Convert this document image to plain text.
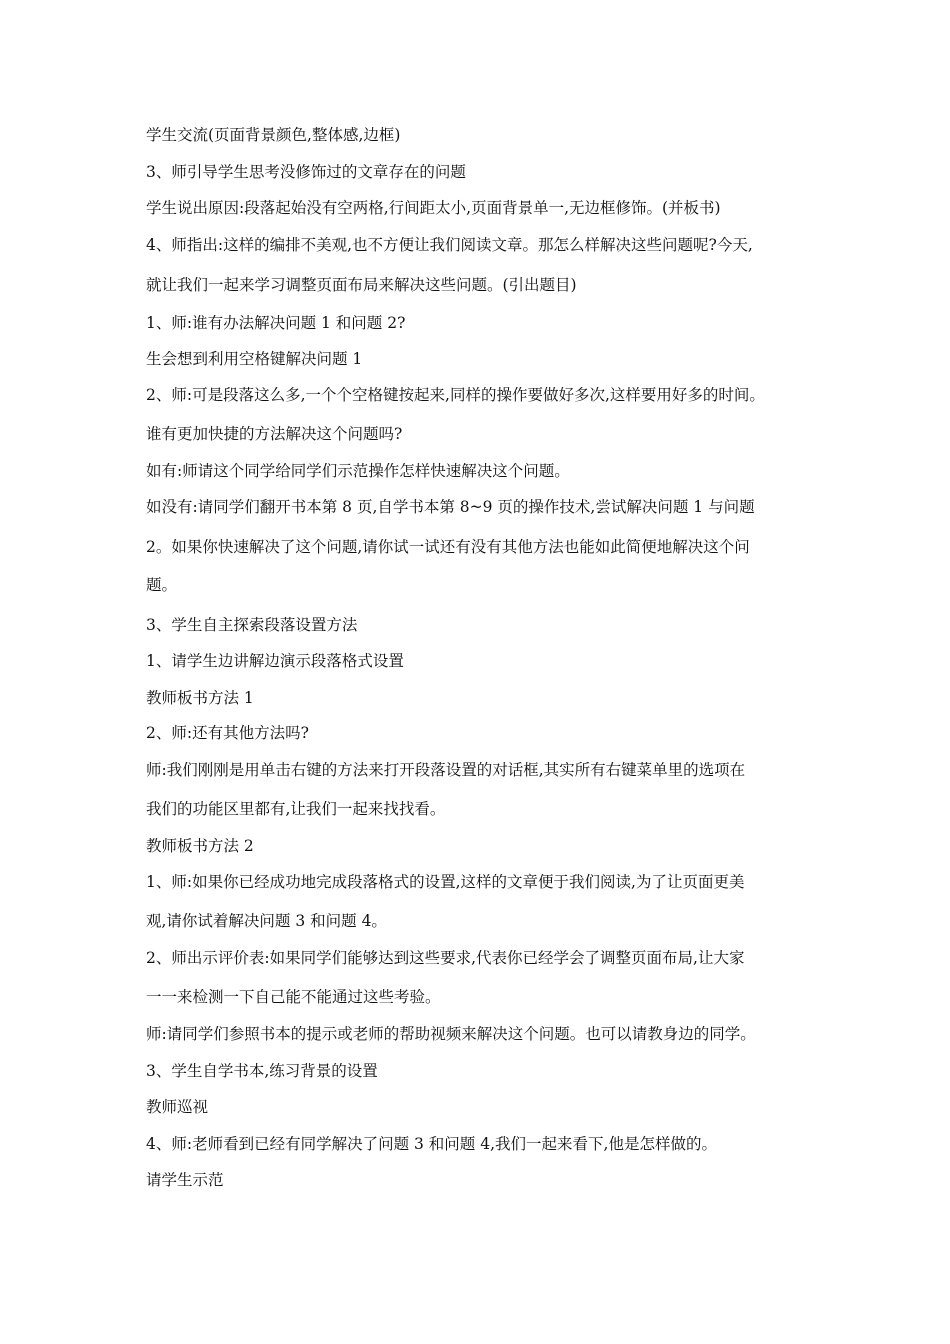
学生交流(页面背景颜色,整体感,边框)
3、师引导学生思考没修饰过的文章存在的问题
学生说出原因:段落起始没有空两格,行间距太小,页面背景单一,无边框修饰。(并板书)
4、师指出:这样的编排不美观,也不方便让我们阅读文章。那怎么样解决这些问题呢?今天,
就让我们一起来学习调整页面布局来解决这些问题。(引出题目)
1、师:谁有办法解决问题 1 和问题 2?
生会想到利用空格键解决问题 1
2、师:可是段落这么多,一个个空格键按起来,同样的操作要做好多次,这样要用好多的时间。
谁有更加快捷的方法解决这个问题吗?
如有:师请这个同学给同学们示范操作怎样快速解决这个问题。
如没有:请同学们翻开书本第 8 页,自学书本第 8~9 页的操作技术,尝试解决问题 1 与问题
2。如果你快速解决了这个问题,请你试一试还有没有其他方法也能如此简便地解决这个问
题。
3、学生自主探索段落设置方法
1、请学生边讲解边演示段落格式设置
教师板书方法 1
2、师:还有其他方法吗?
师:我们刚刚是用单击右键的方法来打开段落设置的对话框,其实所有右键菜单里的选项在
我们的功能区里都有,让我们一起来找找看。
教师板书方法 2
1、师:如果你已经成功地完成段落格式的设置,这样的文章便于我们阅读,为了让页面更美
观,请你试着解决问题 3 和问题 4。
2、师出示评价表:如果同学们能够达到这些要求,代表你已经学会了调整页面布局,让大家
一一来检测一下自己能不能通过这些考验。
师:请同学们参照书本的提示或老师的帮助视频来解决这个问题。也可以请教身边的同学。
3、学生自学书本,练习背景的设置
教师巡视
4、师:老师看到已经有同学解决了问题 3 和问题 4,我们一起来看下,他是怎样做的。
请学生示范
